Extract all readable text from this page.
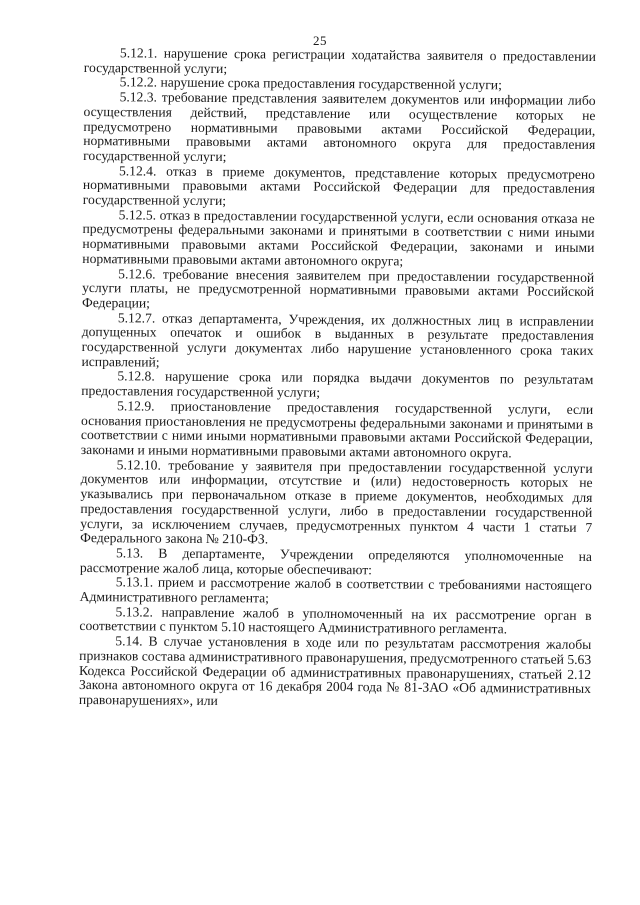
25

5.12.1. нарушение срока регистрации ходатайства заявителя о предоставлении государственной услуги;

5.12.2. нарушение срока предоставления государственной услуги;

5.12.3. требование представления заявителем документов или информации либо осуществления действий, представление или осуществление которых не предусмотрено нормативными правовыми актами Российской Федерации, нормативными правовыми актами автономного округа для предоставления государственной услуги;

5.12.4. отказ в приеме документов, представление которых предусмотрено нормативными правовыми актами Российской Федерации для предоставления государственной услуги;

5.12.5. отказ в предоставлении государственной услуги, если основания отказа не предусмотрены федеральными законами и принятыми в соответствии с ними иными нормативными правовыми актами Российской Федерации, законами и иными нормативными правовыми актами автономного округа;

5.12.6. требование внесения заявителем при предоставлении государственной услуги платы, не предусмотренной нормативными правовыми актами Российской Федерации;

5.12.7. отказ департамента, Учреждения, их должностных лиц в исправлении допущенных опечаток и ошибок в выданных в результате предоставления государственной услуги документах либо нарушение установленного срока таких исправлений;

5.12.8. нарушение срока или порядка выдачи документов по результатам предоставления государственной услуги;

5.12.9. приостановление предоставления государственной услуги, если основания приостановления не предусмотрены федеральными законами и принятыми в соответствии с ними иными нормативными правовыми актами Российской Федерации, законами и иными нормативными правовыми актами автономного округа.

5.12.10. требование у заявителя при предоставлении государственной услуги документов или информации, отсутствие и (или) недостоверность которых не указывались при первоначальном отказе в приеме документов, необходимых для предоставления государственной услуги, либо в предоставлении государственной услуги, за исключением случаев, предусмотренных пунктом 4 части 1 статьи 7 Федерального закона № 210-ФЗ.

5.13. В департаменте, Учреждении определяются уполномоченные на рассмотрение жалоб лица, которые обеспечивают:

5.13.1. прием и рассмотрение жалоб в соответствии с требованиями настоящего Административного регламента;

5.13.2. направление жалоб в уполномоченный на их рассмотрение орган в соответствии с пунктом 5.10 настоящего Административного регламента.

5.14. В случае установления в ходе или по результатам рассмотрения жалобы признаков состава административного правонарушения, предусмотренного статьей 5.63 Кодекса Российской Федерации об административных правонарушениях, статьей 2.12 Закона автономного округа от 16 декабря 2004 года № 81-ЗАО «Об административных правонарушениях», или
